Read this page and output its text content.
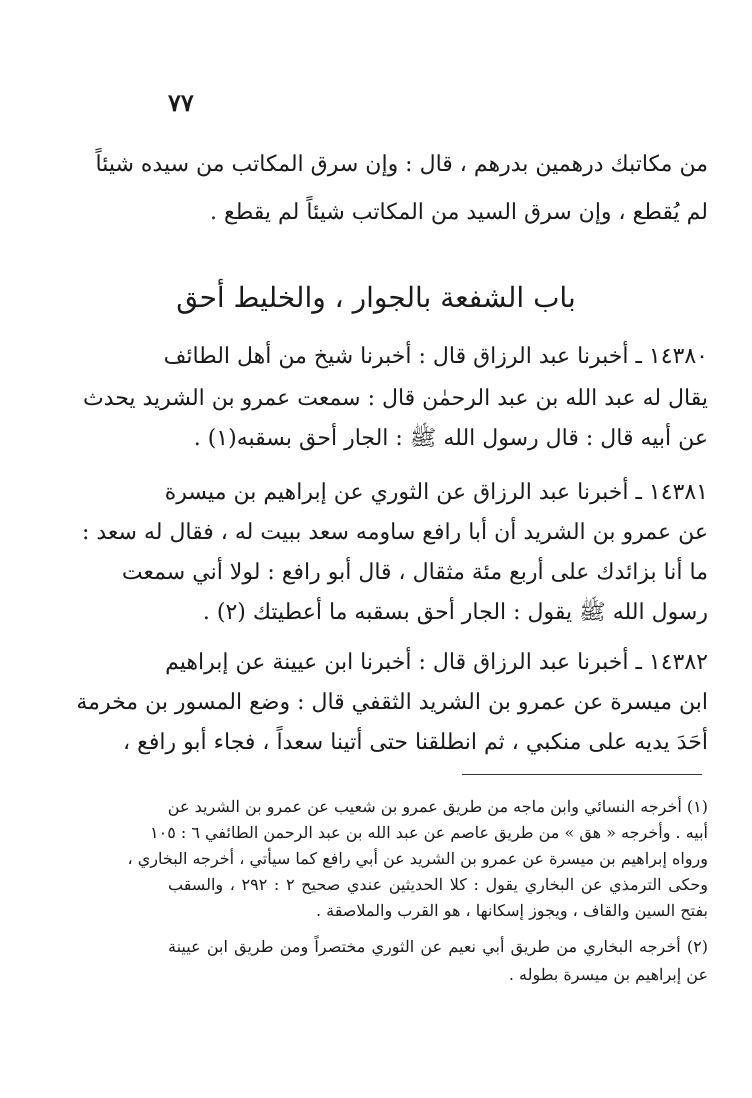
٧٧
من مكاتبك درهمين بدرهم ، قال : وإن سرق المكاتب من سيده شيئاً
لم يُقطع ، وإن سرق السيد من المكاتب شيئاً لم يقطع .
باب الشفعة بالجوار ، والخليط أحق
١٤٣٨٠ ـ أخبرنا عبد الرزاق قال : أخبرنا شيخ من أهل الطائف
يقال له عبد الله بن عبد الرحمٰن قال : سمعت عمرو بن الشريد يحدث
عن أبيه قال : قال رسول الله ﷺ : الجار أحق بسقبه(١) .
١٤٣٨١ ـ أخبرنا عبد الرزاق عن الثوري عن إبراهيم بن ميسرة
عن عمرو بن الشريد أن أبا رافع ساومه سعد ببيت له ، فقال له سعد :
ما أنا بزائدك على أربع مئة مثقال ، قال أبو رافع : لولا أني سمعت
رسول الله ﷺ يقول : الجار أحق بسقبه ما أعطيتك (٢) .
١٤٣٨٢ ـ أخبرنا عبد الرزاق قال : أخبرنا ابن عيينة عن إبراهيم
ابن ميسرة عن عمرو بن الشريد الثقفي قال : وضع المسور بن مخرمة
أحَدَ يديه على منكبي ، ثم انطلقنا حتى أتينا سعداً ، فجاء أبو رافع ،
(١) أخرجه النسائي وابن ماجه من طريق عمرو بن شعيب عن عمرو بن الشريد عن
أبيه . وأخرجه « هق » من طريق عاصم عن عبد الله بن عبد الرحمن الطائفي ٦ : ١٠٥
ورواه إبراهيم بن ميسرة عن عمرو بن الشريد عن أبي رافع كما سيأتي ، أخرجه البخاري ،
وحكى الترمذي عن البخاري يقول : كلا الحديثين عندي صحيح ٢ : ٢٩٢ ، والسقب
بفتح السين والقاف ، ويجوز إسكانها ، هو القرب والملاصقة .
(٢) أخرجه البخاري من طريق أبي نعيم عن الثوري مختصراً ومن طريق ابن عيينة
عن إبراهيم بن ميسرة بطوله .
